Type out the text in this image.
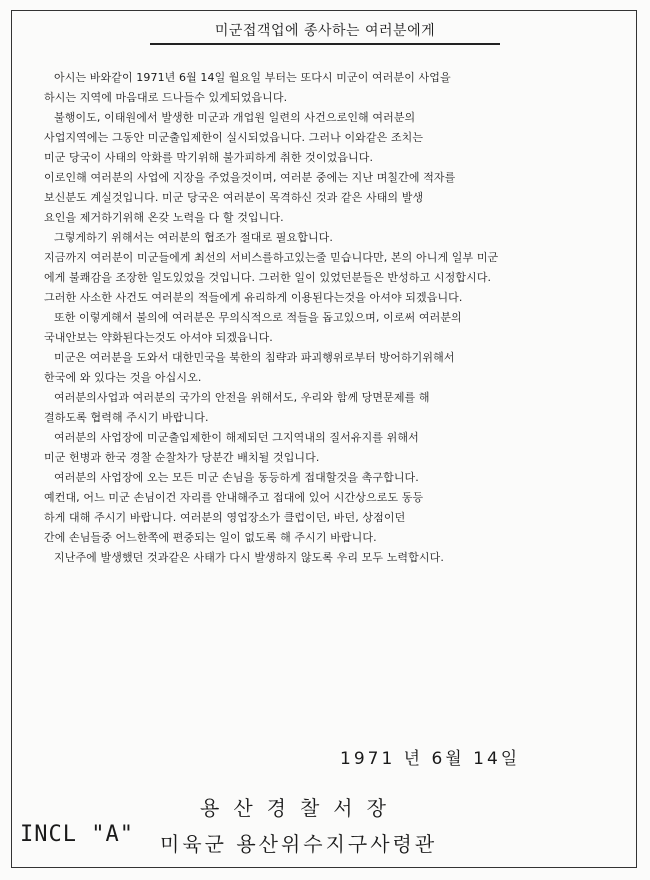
미군접객업에 종사하는 여러분에게
아시는 바와같이 1971년 6월 14일 월요일 부터는 또다시 미군이 여러분이 사업을
하시는 지역에 마음대로 드나들수 있게되었읍니다.
불행이도, 이태원에서 발생한 미군과 개업원 일련의 사건으로인해 여러분의
사업지역에는 그동안 미군출입제한이 실시되었읍니다. 그러나 이와같은 조치는
미군 당국이 사태의 악화를 막기위해 불가피하게 취한 것이었읍니다.
이로인해 여러분의 사업에 지장을 주었을것이며, 여러분 중에는 지난 며칠간에 적자를
보신분도 계실것입니다. 미군 당국은 여러분이 목격하신 것과 같은 사태의 발생
요인을 제거하기위해 온갖 노력을 다 할 것입니다.
그렇게하기 위해서는 여러분의 협조가 절대로 필요합니다.
지금까지 여러분이 미군들에게 최선의 서비스를하고있는줄 믿습니다만, 본의 아니게 일부 미군
에게 불쾌감을 조장한 일도있었을 것입니다. 그러한 일이 있었던분들은 반성하고 시정합시다.
그러한 사소한 사건도 여러분의 적들에게 유리하게 이용된다는것을 아셔야 되겠읍니다.
또한 이렇게해서 불의에 여러분은 무의식적으로 적들을 돕고있으며, 이로써 여러분의
국내안보는 약화된다는것도 아셔야 되겠읍니다.
미군은 여러분을 도와서 대한민국을 북한의 침략과 파괴행위로부터 방어하기위해서
한국에 와 있다는 것을 아십시오.
여러분의사업과 여러분의 국가의 안전을 위해서도, 우리와 함께 당면문제를 해
결하도록 협력해 주시기 바랍니다.
여러분의 사업장에 미군출입제한이 해제되던 그지역내의 질서유지를 위해서
미군 헌병과 한국 경찰 순찰차가 당분간 배치될 것입니다.
여러분의 사업장에 오는 모든 미군 손님을 동등하게 접대할것을 촉구합니다.
예컨대, 어느 미군 손님이건 자리를 안내해주고 접대에 있어 시간상으로도 동등
하게 대해 주시기 바랍니다. 여러분의 영업장소가 클럽이던, 바던, 상점이던
간에 손님들중 어느한쪽에 편중되는 일이 없도록 해 주시기 바랍니다.
지난주에 발생했던 것과같은 사태가 다시 발생하지 않도록 우리 모두 노력합시다.
1971 년 6월 14일
용산경찰서장
미육군 용산위수지구사령관
INCL "A"
